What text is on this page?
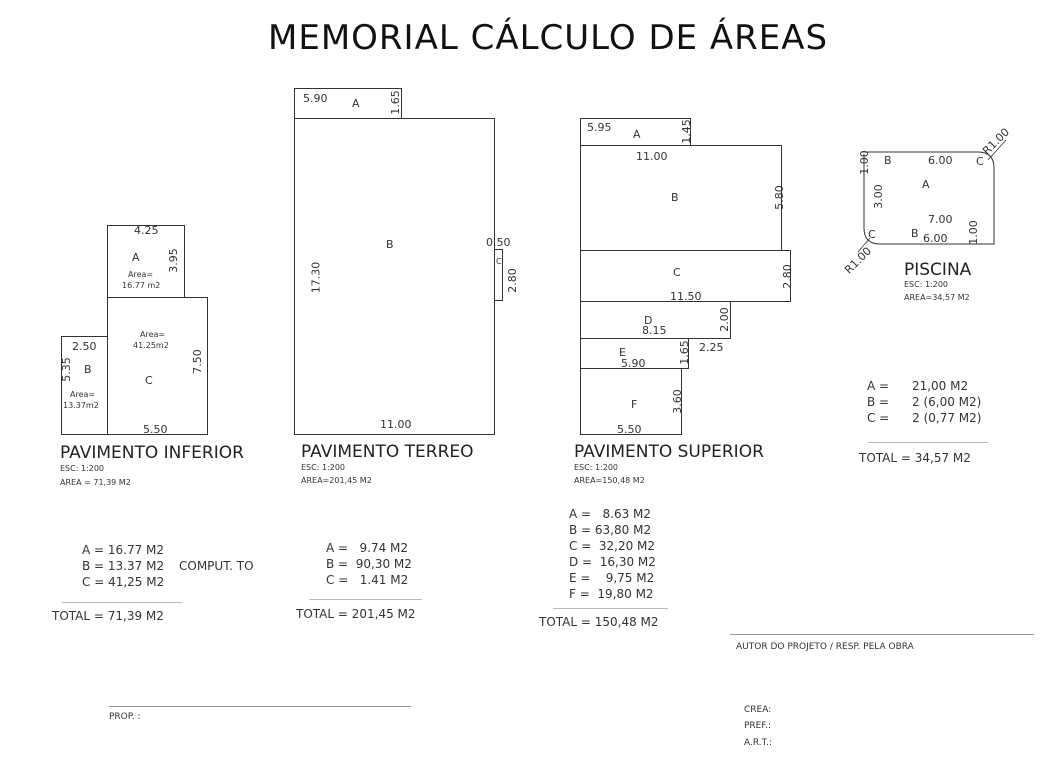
MEMORIAL CÁLCULO DE ÁREAS
4.25
A
Area=
16.77 m2
3.95
Area=
41.25m2
C
7.50
5.50
2.50
5.35 B
Area=
13.37m2
PAVIMENTO INFERIOR
ESC: 1:200
AREA = 71,39 M2
A = 16.77 M2
B = 13.37 M2
C = 41,25 M2
COMPUT. TO
TOTAL = 71,39 M2
5.90 A	1.65
B
17.30
11.00
0.50
C
2.80
PAVIMENTO TERREO
ESC: 1:200
AREA=201,45 M2
A =   9.74 M2
B =  90,30 M2
C =   1.41 M2
TOTAL = 201,45 M2
5.95
A	1.45
11.00
B	5.80
C	2.80
11.50
D
8.15	2.00
2.25
E
5.90	1.65
F	3.60
5.50
PAVIMENTO SUPERIOR
ESC: 1:200
AREA=150,48 M2
A =   8.63 M2
B = 63,80 M2
C =  32,20 M2
D =  16,30 M2
E =    9,75 M2
F =  19,80 M2
TOTAL = 150,48 M2
1.00 B	6.00 C
R1.00
A
3.00
7.00
C	B 6.00 1.00
R1.00 PISCINA
ESC: 1:200
AREA=34,57 M2
A =      21,00 M2
B =      2 (6,00 M2)
C =      2 (0,77 M2)
TOTAL = 34,57 M2
AUTOR DO PROJETO / RESP. PELA OBRA
PROP. :
CREA:
PREF.:
A.R.T.:
